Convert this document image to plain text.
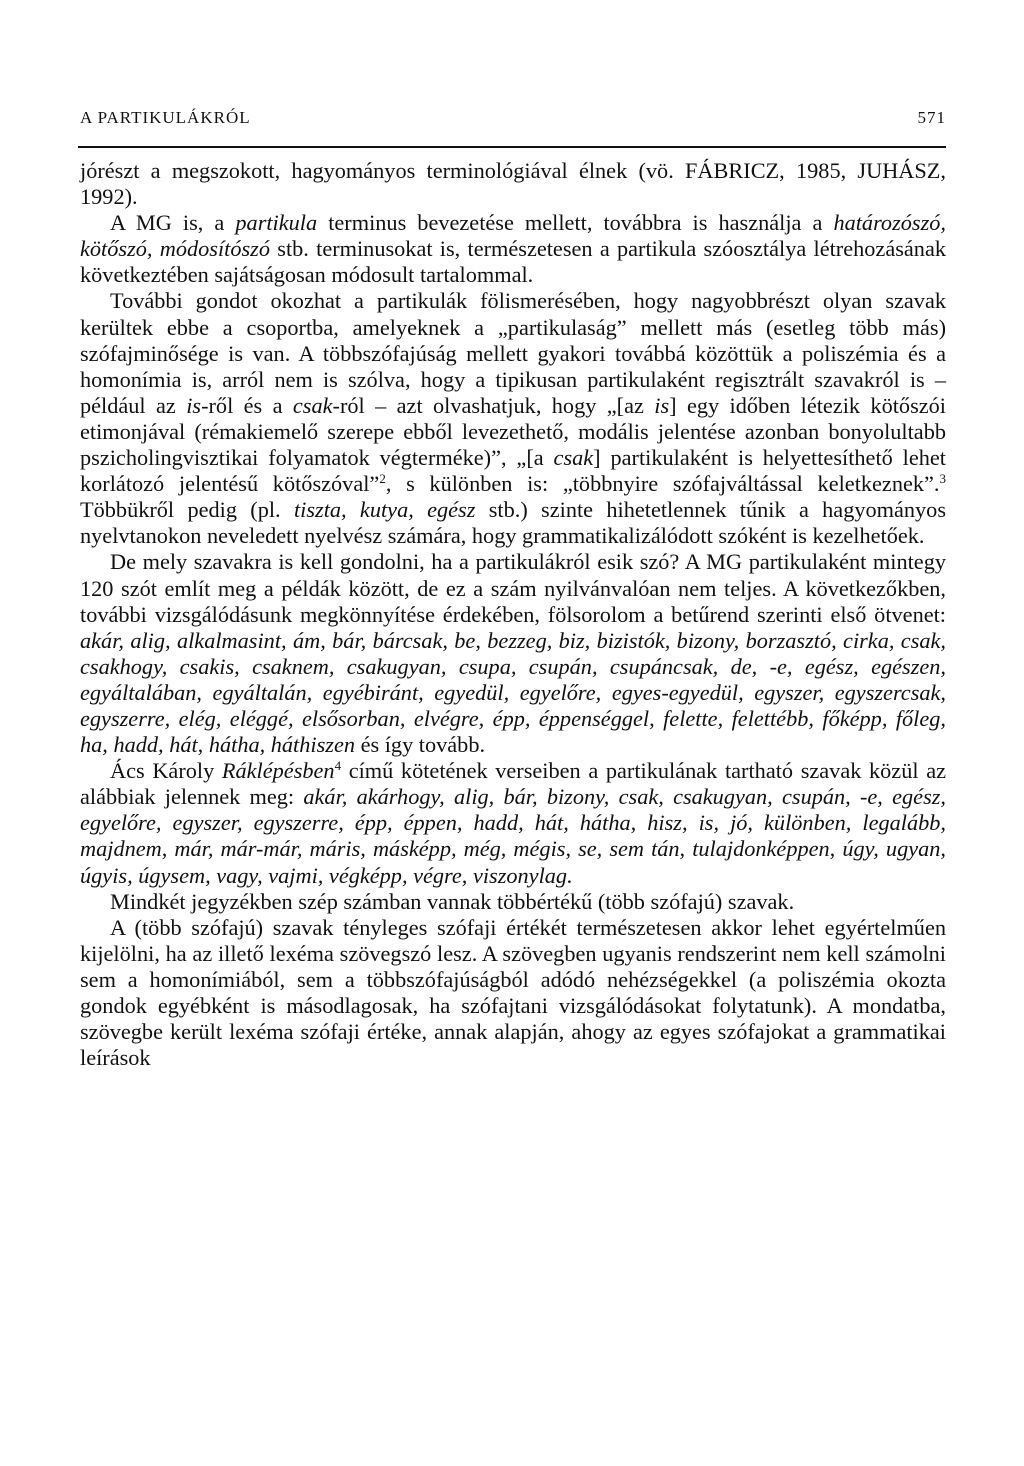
A PARTIKULÁKRÓL	571

jórészt a megszokott, hagyományos terminológiával élnek (vö. FÁBRICZ, 1985, JUHÁSZ, 1992).

A MG is, a partikula terminus bevezetése mellett, továbbra is használja a határozószó, kötőszó, módosítószó stb. terminusokat is, természetesen a partikula szóosztálya létrehozásának következtében sajátságosan módosult tartalommal.

További gondot okozhat a partikulák fölismerésében, hogy nagyobbrészt olyan szavak kerültek ebbe a csoportba, amelyeknek a „partikulaság” mellett más (esetleg több más) szófajminősége is van. A többszófajúság mellett gyakori továbbá közöttük a poliszémia és a homonímia is, arról nem is szólva, hogy a tipikusan partikulaként regisztrált szavakról is – például az is-ről és a csak-ról – azt olvashatjuk, hogy „[az is] egy időben létezik kötőszói etimonjával (rémakiemelő szerepe ebből levezethető, modális jelentése azonban bonyolultabb pszicholingvisztikai folyamatok végterméke)”, „[a csak] partikulaként is helyettesíthető lehet korlátozó jelentésű kötőszóval”$^2$, s különben is: „többnyire szófajváltással keletkeznek”.$^3$ Többükről pedig (pl. tiszta, kutya, egész stb.) szinte hihetetlennek tűnik a hagyományos nyelvtanokon neveledett nyelvész számára, hogy grammatikalizálódott szóként is kezelhetőek.

De mely szavakra is kell gondolni, ha a partikulákról esik szó? A MG partikulaként mintegy 120 szót említ meg a példák között, de ez a szám nyilvánvalóan nem teljes. A következőkben, további vizsgálódásunk megkönnyítése érdekében, fölsorolom a betűrend szerinti első ötvenet: akár, alig, alkalmasint, ám, bár, bárcsak, be, bezzeg, biz, bizistók, bizony, borzasztó, cirka, csak, csakhogy, csakis, csaknem, csakugyan, csupa, csupán, csupáncsak, de, -e, egész, egészen, egyáltalában, egyáltalán, egyébiránt, egyedül, egyelőre, egyes-egyedül, egyszer, egyszercsak, egyszerre, elég, eléggé, elsősorban, elvégre, épp, éppenséggel, felette, felettébb, főképp, főleg, ha, hadd, hát, hátha, háthiszen és így tovább.

Ács Károly Ráklépésben$^4$ című kötetének verseiben a partikulának tartható szavak közül az alábbiak jelennek meg: akár, akárhogy, alig, bár, bizony, csak, csakugyan, csupán, -e, egész, egyelőre, egyszer, egyszerre, épp, éppen, hadd, hát, hátha, hisz, is, jó, különben, legalább, majdnem, már, már-már, máris, másképp, még, mégis, se, sem tán, tulajdonképpen, úgy, ugyan, úgyis, úgysem, vagy, vajmi, végképp, végre, viszonylag.

Mindkét jegyzékben szép számban vannak többértékű (több szófajú) szavak.

A (több szófajú) szavak tényleges szófaji értékét természetesen akkor lehet egyértelműen kijelölni, ha az illető lexéma szövegszó lesz. A szövegben ugyanis rendszerint nem kell számolni sem a homonímiából, sem a többszófajúságból adódó nehézségekkel (a poliszémia okozta gondok egyébként is másodlagosak, ha szófajtani vizsgálódásokat folytatunk). A mondatba, szövegbe került lexéma szófaji értéke, annak alapján, ahogy az egyes szófajokat a grammatikai leírások
